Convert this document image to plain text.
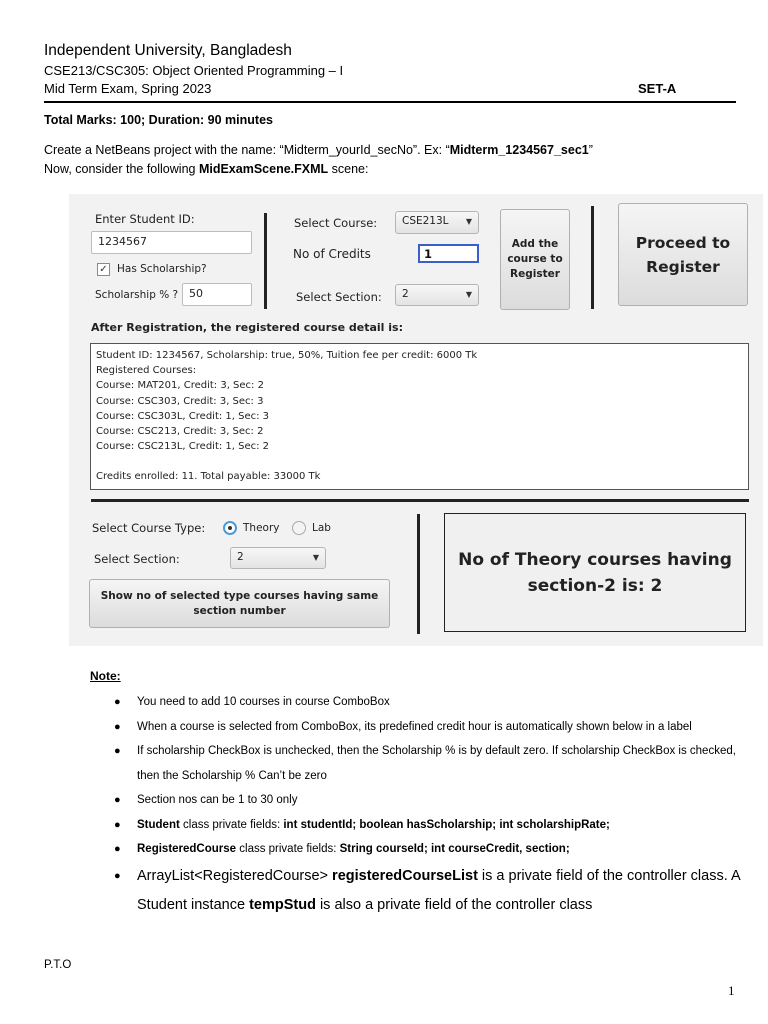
Independent University, Bangladesh
CSE213/CSC305: Object Oriented Programming – I
Mid Term Exam, Spring 2023	SET-A
Total Marks: 100; Duration: 90 minutes
Create a NetBeans project with the name: “Midterm_yourId_secNo”. Ex: “Midterm_1234567_sec1”
Now, consider the following MidExamScene.FXML scene:
Enter Student ID:
1234567
✓ Has Scholarship?
Scholarship % ? 50
Select Course:	CSE213L ▼
No of Credits	1
Select Section:	2	▼
Add the course to Register
Proceed to Register
After Registration, the registered course detail is:
Student ID: 1234567, Scholarship: true, 50%, Tuition fee per credit: 6000 Tk
Registered Courses:
Course: MAT201, Credit: 3, Sec: 2
Course: CSC303, Credit: 3, Sec: 3
Course: CSC303L, Credit: 1, Sec: 3
Course: CSC213, Credit: 3, Sec: 2
Course: CSC213L, Credit: 1, Sec: 2
Credits enrolled: 11. Total payable: 33000 Tk
Select Course Type:	Theory	Lab
Select Section:	2	▼
Show no of selected type courses having same section number
No of Theory courses having section-2 is: 2
Note:
● You need to add 10 courses in course ComboBox
● When a course is selected from ComboBox, its predefined credit hour is automatically shown below in a label
● If scholarship CheckBox is unchecked, then the Scholarship % is by default zero. If scholarship CheckBox is checked, then the Scholarship % Can’t be zero
● Section nos can be 1 to 30 only
● Student class private fields: int studentId; boolean hasScholarship; int scholarshipRate;
● RegisteredCourse class private fields: String courseId; int courseCredit, section;
● ArrayList<RegisteredCourse> registeredCourseList is a private field of the controller class. A Student instance tempStud is also a private field of the controller class
P.T.O
1
